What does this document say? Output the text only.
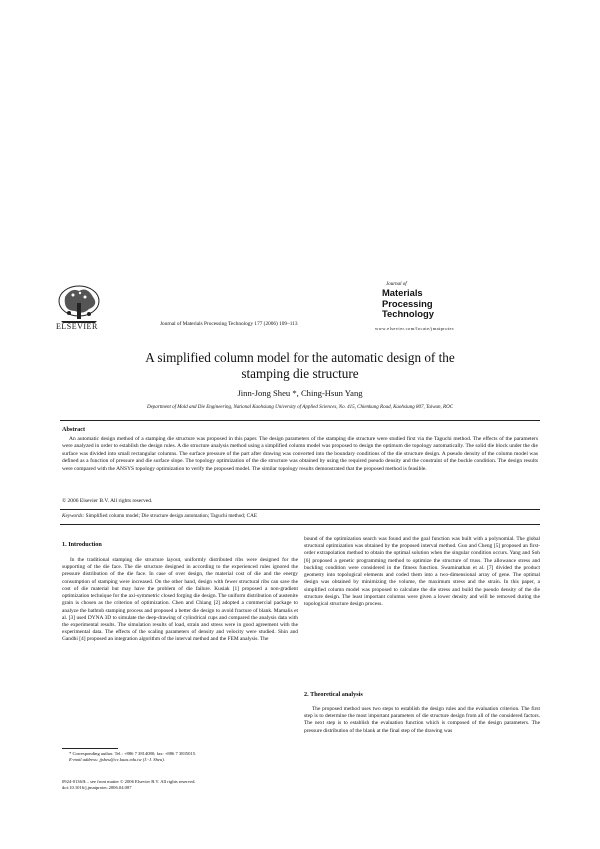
ELSEVIER	Journal of Materials Processing Technology 177 (2006) 109–113
Journal of
Materials
Processing
Technology
www.elsevier.com/locate/jmatprotec
A simplified column model for the automatic design of the
stamping die structure
Jinn-Jong Sheu *, Ching-Hsun Yang
Department of Mold and Die Engineering, National Kaohsiung University of Applied Sciences, No. 415, Chienkung Road, Kaohsiung 807, Taiwan, ROC
Abstract
An automatic design method of a stamping die structure was proposed in this paper. The design parameters of the stamping die structure were studied first via the Taguchi method. The effects of the parameters were analyzed in order to establish the design rules. A die structure analysis method using a simplified column model was proposed to design the optimum die topology automatically. The solid die block under the die surface was divided into small rectangular columns. The surface pressure of the part after drawing was converted into the boundary conditions of the die structure design. A pseudo density of the column model was defined as a function of pressure and die surface slope. The topology optimization of the die structure was obtained by using the required pseudo density and the constraint of the buckle condition. The design results were compared with the ANSYS topology optimization to verify the proposed model. The similar topology results demonstrated that the proposed method is feasible.
© 2006 Elsevier B.V. All rights reserved.
Keywords: Simplified column model; Die structure design automation; Taguchi method; CAE
1. Introduction

In the traditional stamping die structure layout, uniformly distributed ribs were designed for the supporting of the die face. The die structure designed in according to the experienced rules ignored the pressure distribution of the die face. In case of over design, the material cost of die and the energy consumption of stamping were increased. On the other hand, design with fewer structural ribs can save the cost of die material but may have the problem of die failure. Kusiak [1] proposed a non-gradient optimization technique for the axi-symmetric closed forging die design. The uniform distribution of austenite grain is chosen as the criterion of optimization. Chen and Chiang [2] adopted a commercial package to analyze the bathtub stamping process and proposed a better die design to avoid fracture of blank. Mamalis et al. [3] used DYNA 3D to simulate the deep-drawing of cylindrical cups and compared the analysis data with the experimental results. The simulation results of load, strain and stress were in good agreement with the experimental data. The effects of the scaling parameters of density and velocity were studied. Shin and Gandhi [4] proposed an integration algorithm of the interval method and the FEM analysis. The

bound of the optimization search was found and the goal function was built with a polynomial. The global structural optimization was obtained by the proposed interval method. Guo and Cheng [5] proposed an first-order extrapolation method to obtain the optimal solution when the singular condition occurs. Yang and Soh [6] proposed a genetic programming method to optimize the structure of truss. The allowance stress and buckling condition were considered in the fitness function. Swaminathan et al. [7] divided the product geometry into topological elements and coded them into a two-dimensional array of gene. The optimal design was obtained by minimizing the volume, the maximum stress and the strain. In this paper, a simplified column model was proposed to calculate the die stress and build the pseudo density of the die structure design. The least important columns were given a lower density and will be removed during the topological structure design process.

2. Theoretical analysis

The proposed method uses two steps to establish the design rules and the evaluation criterion. The first step is to determine the most important parameters of die structure design from all of the considered factors. The next step is to establish the evaluation function which is composed of the design parameters. The pressure distribution of the blank at the final step of the drawing was

* Corresponding author. Tel.: +886 7 3814080; fax: +886 7 3835015.
E-mail address: jjsheu@cc.kuas.edu.tw (J.-J. Sheu).
0924-0136/$ – see front matter © 2006 Elsevier B.V. All rights reserved.
doi:10.1016/j.jmatprotec.2006.04.087
